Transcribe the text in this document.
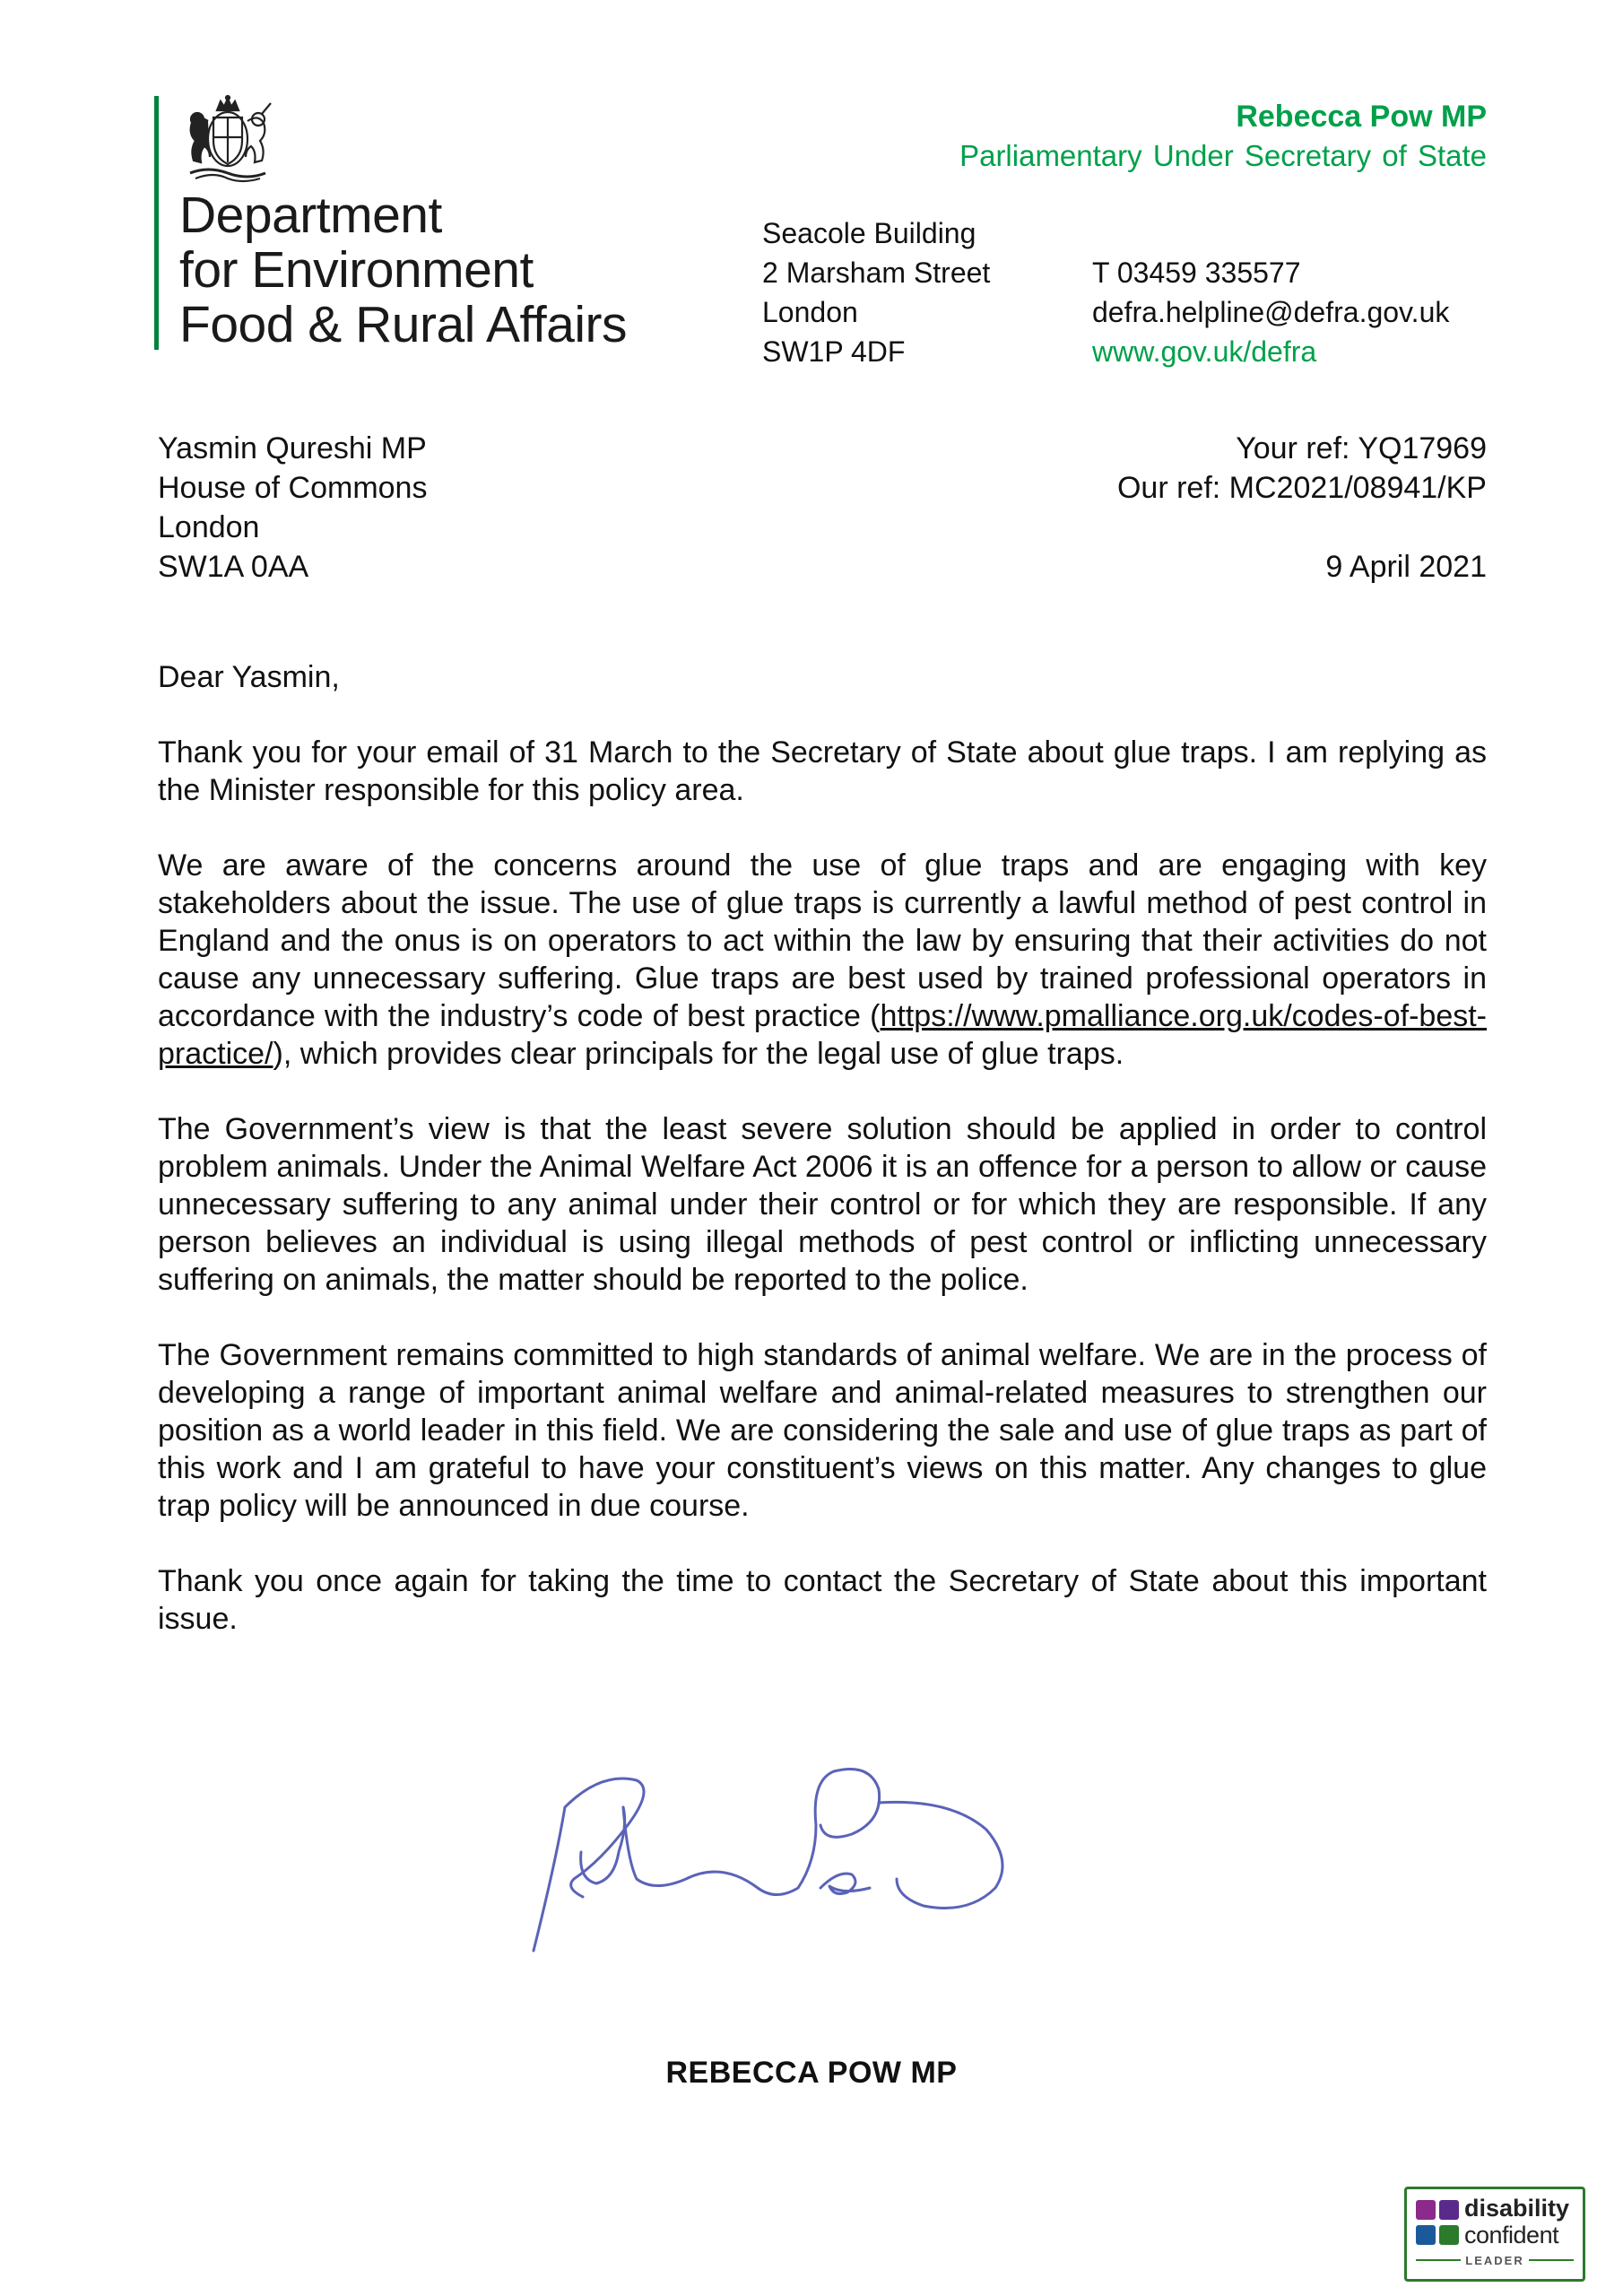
Department
for Environment
Food & Rural Affairs
Rebecca Pow MP
Parliamentary Under Secretary of State
Seacole Building
2 Marsham Street
London
SW1P 4DF
T 03459 335577
defra.helpline@defra.gov.uk
www.gov.uk/defra
Yasmin Qureshi MP
House of Commons
London
SW1A 0AA
Your ref: YQ17969
Our ref: MC2021/08941/KP
9 April 2021

Dear Yasmin,

Thank you for your email of 31 March to the Secretary of State about glue traps. I am replying as the Minister responsible for this policy area.

We are aware of the concerns around the use of glue traps and are engaging with key stakeholders about the issue. The use of glue traps is currently a lawful method of pest control in England and the onus is on operators to act within the law by ensuring that their activities do not cause any unnecessary suffering. Glue traps are best used by trained professional operators in accordance with the industry’s code of best practice (https://www.pmalliance.org.uk/codes-of-best-practice/), which provides clear principals for the legal use of glue traps.

The Government’s view is that the least severe solution should be applied in order to control problem animals. Under the Animal Welfare Act 2006 it is an offence for a person to allow or cause unnecessary suffering to any animal under their control or for which they are responsible. If any person believes an individual is using illegal methods of pest control or inflicting unnecessary suffering on animals, the matter should be reported to the police.

The Government remains committed to high standards of animal welfare. We are in the process of developing a range of important animal welfare and animal-related measures to strengthen our position as a world leader in this field. We are considering the sale and use of glue traps as part of this work and I am grateful to have your constituent’s views on this matter. Any changes to glue trap policy will be announced in due course.

Thank you once again for taking the time to contact the Secretary of State about this important issue.

REBECCA POW MP
disability
confident
LEADER
